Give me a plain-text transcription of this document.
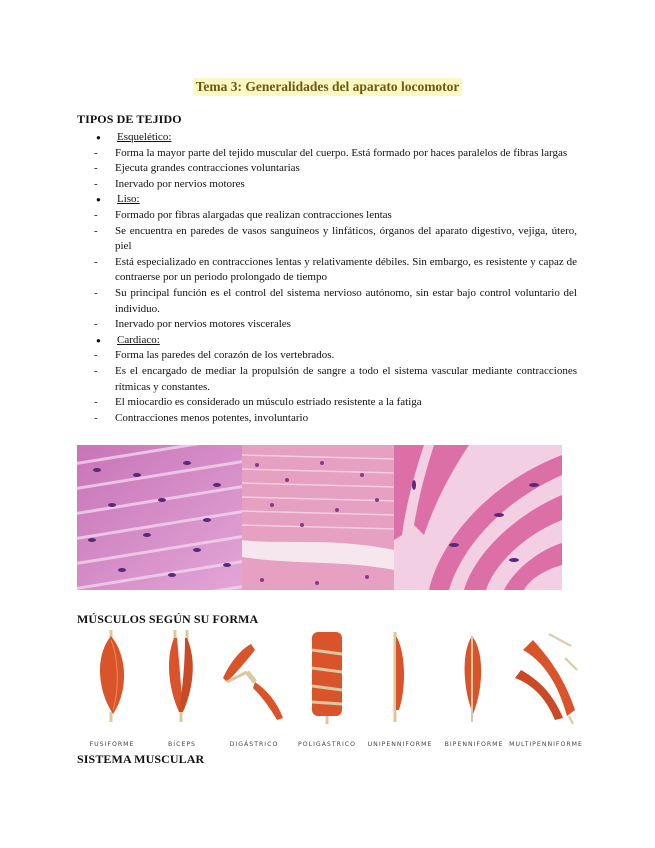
Tema 3: Generalidades del aparato locomotor
TIPOS DE TEJIDO
●	Esquelético:
-	Forma la mayor parte del tejido muscular del cuerpo. Está formado por haces paralelos de fibras largas
-	Ejecuta grandes contracciones voluntarias
-	Inervado por nervios motores
●	Liso:
-	Formado por fibras alargadas que realizan contracciones lentas
-	Se encuentra en paredes de vasos sanguíneos y linfáticos, órganos del aparato digestivo, vejiga, útero, piel
-	Está especializado en contracciones lentas y relativamente débiles. Sin embargo, es resistente y capaz de contraerse por un periodo prolongado de tiempo
-	Su principal función es el control del sistema nervioso autónomo, sin estar bajo control voluntario del individuo.
-	Inervado por nervios motores viscerales
●	Cardiaco:
-	Forma las paredes del corazón de los vertebrados.
-	Es el encargado de mediar la propulsión de sangre a todo el sistema vascular mediante contracciones rítmicas y constantes.
-	El miocardio es considerado un músculo estriado resistente a la fatiga
-	Contracciones menos potentes, involuntario
MÚSCULOS SEGÚN SU FORMA
FUSIFORME	BÍCEPS	DIGÁSTRICO	POLIGÁSTRICO	UNIPENNIFORME	BIPENNIFORME MULTIPENNIFORME
SISTEMA MUSCULAR
